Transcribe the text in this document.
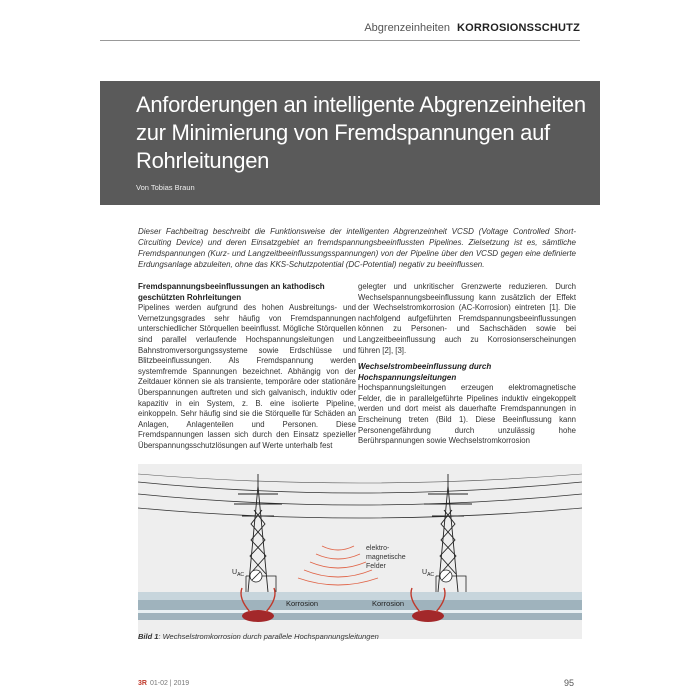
Abgrenzeinheiten KORROSIONSSCHUTZ
Anforderungen an intelligente Abgrenzeinheiten zur Minimierung von Fremdspannungen auf Rohrleitungen
Von Tobias Braun
Dieser Fachbeitrag beschreibt die Funktionsweise der intelligenten Abgrenzeinheit VCSD (Voltage Controlled Short-Circuiting Device) und deren Einsatzgebiet an fremdspannungsbeeinflussten Pipelines. Zielsetzung ist es, sämtliche Fremdspannungen (Kurz- und Langzeitbeeinflussungsspannungen) von der Pipeline über den VCSD gegen eine definierte Erdungsanlage abzuleiten, ohne das KKS-Schutzpotential (DC-Potential) negativ zu beeinflussen.
Fremdspannungsbeeinflussungen an kathodisch geschützten Rohrleitungen

Pipelines werden aufgrund des hohen Ausbreitungs- und Vernetzungsgrades sehr häufig von Fremdspannungen unterschiedlicher Störquellen beeinflusst. Mögliche Störquellen sind parallel verlaufende Hochspannungsleitungen und Bahnstromversorgungssysteme sowie Erdschlüsse und Blitzbeeinflussungen. Als Fremdspannung werden systemfremde Spannungen bezeichnet. Abhängig von der Zeitdauer können sie als transiente, temporäre oder stationäre Überspannungen auftreten und sich galvanisch, induktiv oder kapazitiv in ein System, z. B. eine isolierte Pipeline, einkoppeln. Sehr häufig sind sie die Störquelle für Schäden an Anlagen, Anlagenteilen und Personen. Diese Fremdspannungen lassen sich durch den Einsatz spezieller Überspannungsschutzlösungen auf Werte unterhalb fest

gelegter und unkritischer Grenzwerte reduzieren. Durch Wechselspannungsbeeinflussung kann zusätzlich der Effekt der Wechselstromkorrosion (AC-Korrosion) eintreten [1]. Die nachfolgend aufgeführten Fremdspannungsbeeinflussungen können zu Personen- und Sachschäden sowie bei Langzeitbeeinflussung auch zu Korrosionserscheinungen führen [2], [3].

Wechselstrombeeinflussung durch Hochspannungsleitungen

Hochspannungsleitungen erzeugen elektromagnetische Felder, die in parallelgeführte Pipelines induktiv eingekoppelt werden und dort meist als dauerhafte Fremdspannungen in Erscheinung treten (Bild 1). Diese Beeinflussung kann Personengefährdung durch unzulässig hohe Berührspannungen sowie Wechselstromkorrosion

elektro-
magnetische
Felder
$U_{AC}$	$U_{AC}$
Korrosion	Korrosion
Bild 1: Wechselstromkorrosion durch parallele Hochspannungsleitungen
3R 01-02 | 2019	95
